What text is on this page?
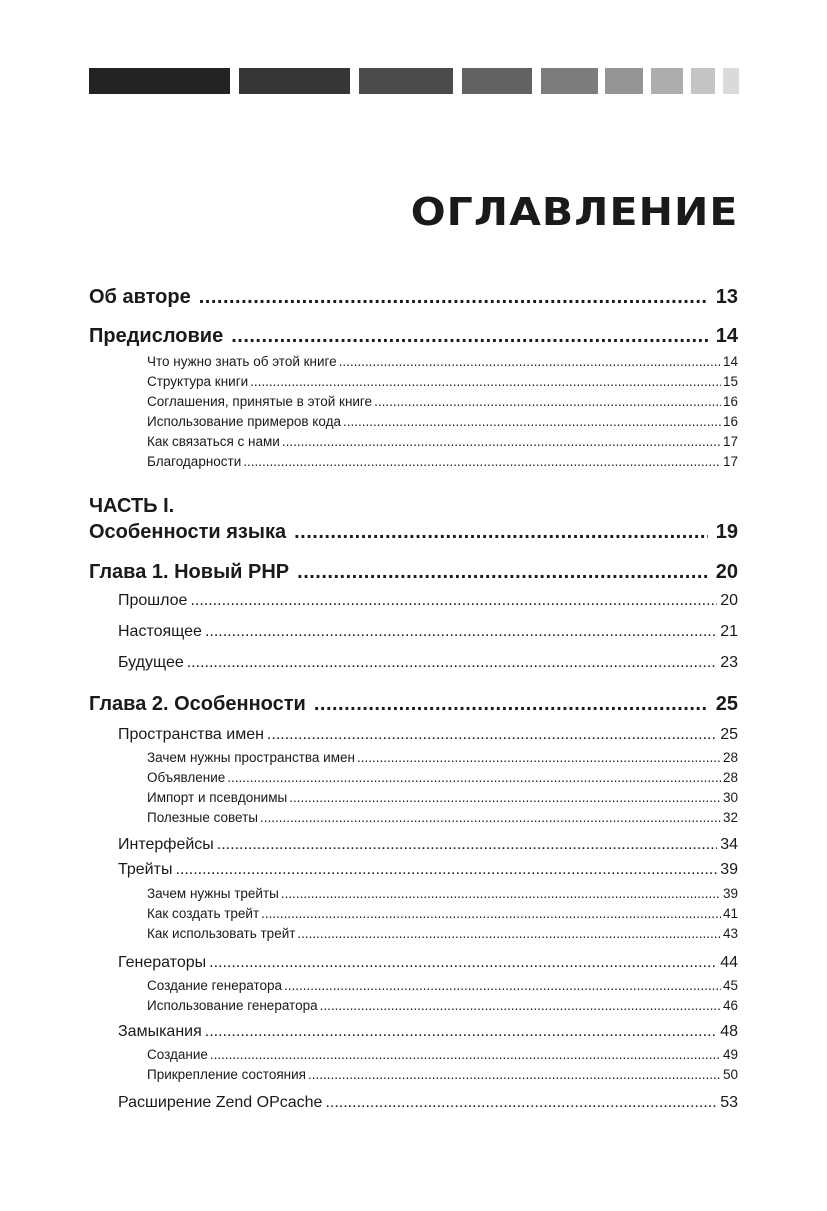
ОГЛАВЛЕНИЕ
ЧАСТЬ I.
Об авторе .....	13
Предисловие .....	14
Что нужно знать об этой книге .....	14
Структура книги .....	15
Соглашения, принятые в этой книге .....	16
Использование примеров кода .....	16
Как связаться с нами .....	17
Благодарности .....	17
Особенности языка .....	19
Глава 1. Новый PHP .....	20
Прошлое .....	20
Настоящее .....	21
Будущее .....	23
Глава 2. Особенности .....	25
Пространства имен .....	25
Зачем нужны пространства имен .....	28
Объявление .....	28
Импорт и псевдонимы .....	30
Полезные советы .....	32
Интерфейсы .....	34
Трейты .....	39
Зачем нужны трейты .....	39
Как создать трейт .....	41
Как использовать трейт .....	43
Генераторы .....	44
Создание генератора .....	45
Использование генератора .....	46
Замыкания .....	48
Создание .....	49
Прикрепление состояния .....	50
Расширение Zend OPcache .....	53
